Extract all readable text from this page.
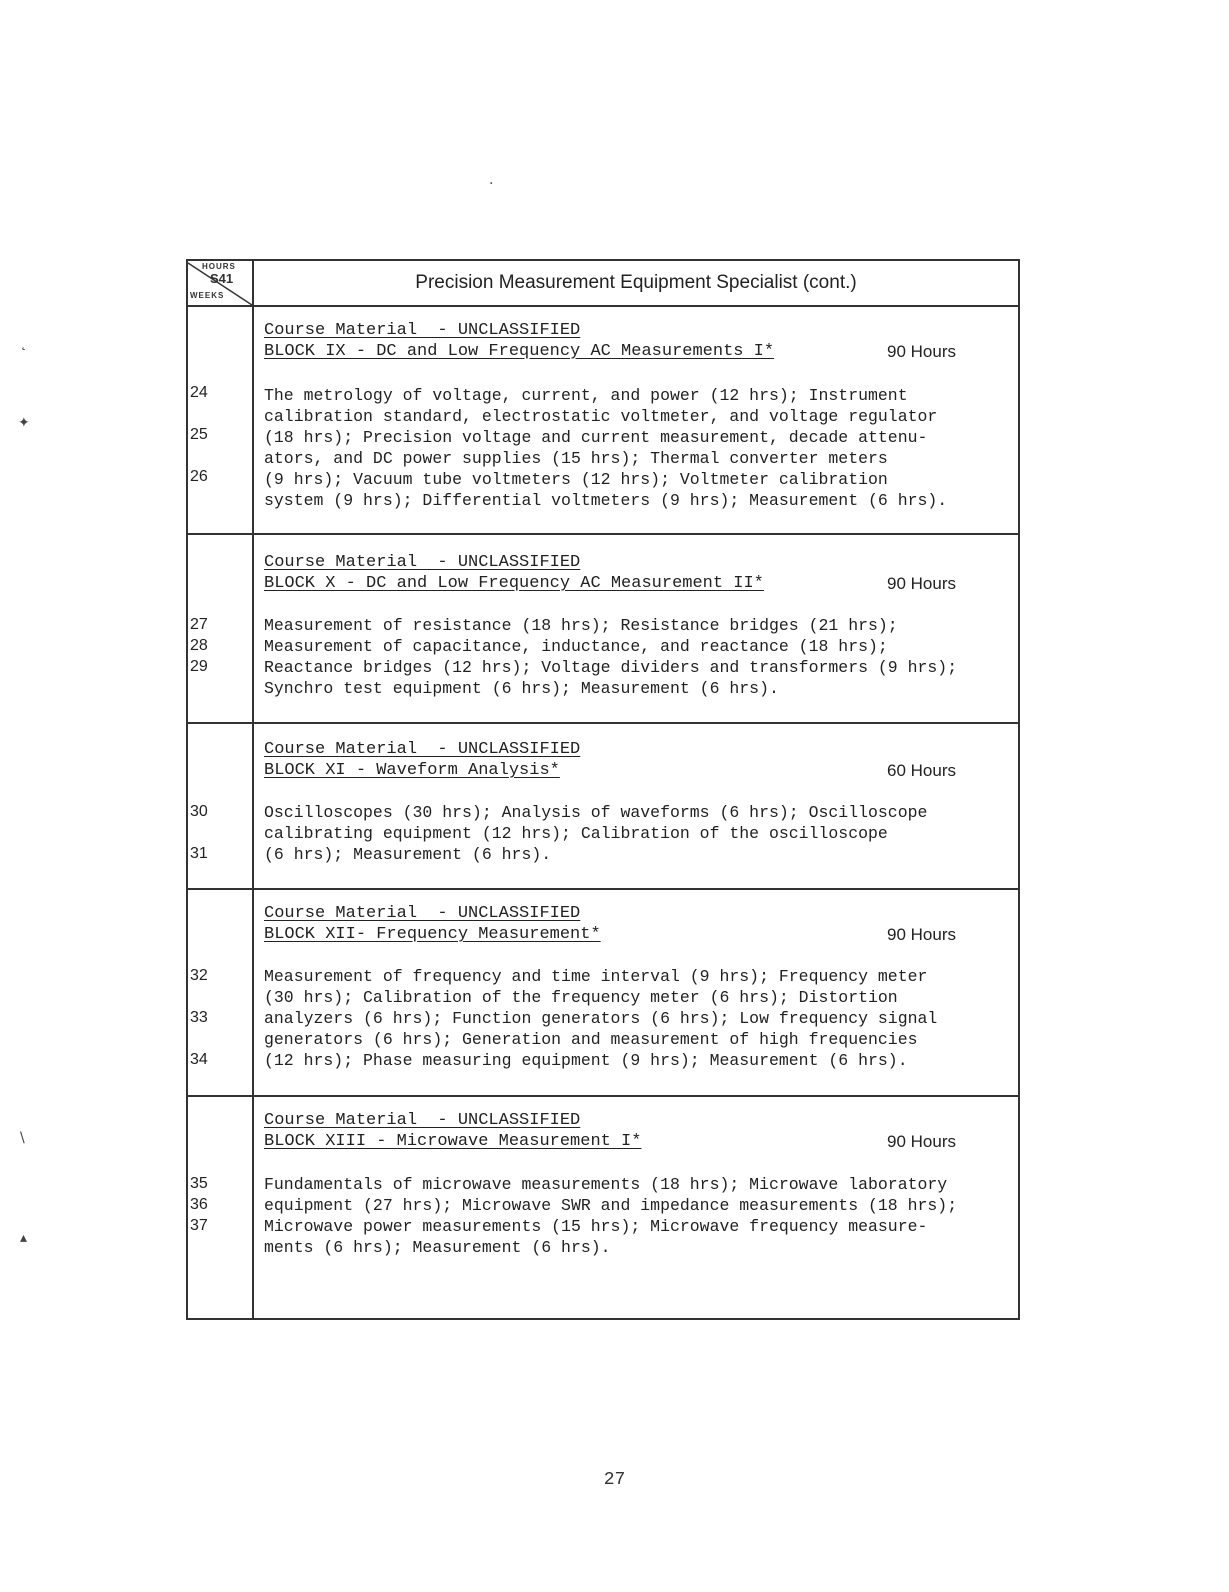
·
˛
✦
\
▴
HOURS
S41
WEEKS
Precision Measurement Equipment Specialist (cont.)
Course Material  - UNCLASSIFIED
BLOCK IX - DC and Low Frequency AC Measurements I*	90 Hours
24
25
26
The metrology of voltage, current, and power (12 hrs); Instrument
calibration standard, electrostatic voltmeter, and voltage regulator
(18 hrs); Precision voltage and current measurement, decade attenu-
ators, and DC power supplies (15 hrs); Thermal converter meters
(9 hrs); Vacuum tube voltmeters (12 hrs); Voltmeter calibration
system (9 hrs); Differential voltmeters (9 hrs); Measurement (6 hrs).
Course Material  - UNCLASSIFIED
BLOCK X - DC and Low Frequency AC Measurement II*	90 Hours
27
28
29
Measurement of resistance (18 hrs); Resistance bridges (21 hrs);
Measurement of capacitance, inductance, and reactance (18 hrs);
Reactance bridges (12 hrs); Voltage dividers and transformers (9 hrs);
Synchro test equipment (6 hrs); Measurement (6 hrs).
Course Material  - UNCLASSIFIED
BLOCK XI - Waveform Analysis*	60 Hours
30
31
Oscilloscopes (30 hrs); Analysis of waveforms (6 hrs); Oscilloscope
calibrating equipment (12 hrs); Calibration of the oscilloscope
(6 hrs); Measurement (6 hrs).
Course Material  - UNCLASSIFIED
BLOCK XII- Frequency Measurement*	90 Hours
32
33
34
Measurement of frequency and time interval (9 hrs); Frequency meter
(30 hrs); Calibration of the frequency meter (6 hrs); Distortion
analyzers (6 hrs); Function generators (6 hrs); Low frequency signal
generators (6 hrs); Generation and measurement of high frequencies
(12 hrs); Phase measuring equipment (9 hrs); Measurement (6 hrs).
Course Material  - UNCLASSIFIED
BLOCK XIII - Microwave Measurement I*	90 Hours
35
36
37
Fundamentals of microwave measurements (18 hrs); Microwave laboratory
equipment (27 hrs); Microwave SWR and impedance measurements (18 hrs);
Microwave power measurements (15 hrs); Microwave frequency measure-
ments (6 hrs); Measurement (6 hrs).
27
